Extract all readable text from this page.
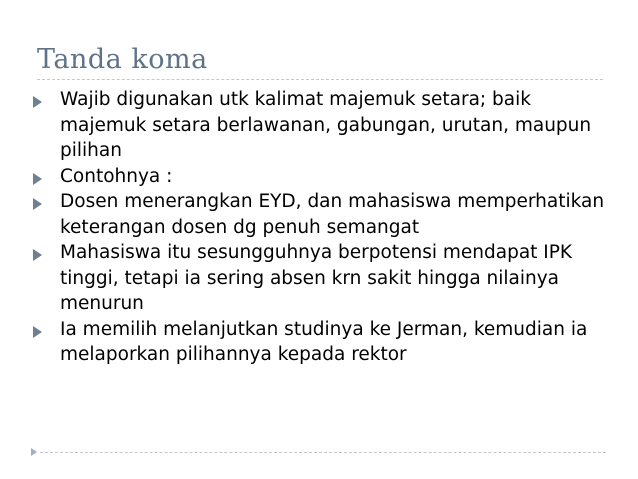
Tanda koma
Wajib digunakan utk kalimat majemuk setara; baik majemuk setara berlawanan, gabungan, urutan, maupun pilihan
Contohnya :
Dosen menerangkan EYD, dan mahasiswa memperhatikan keterangan dosen dg penuh semangat
Mahasiswa itu sesungguhnya berpotensi mendapat IPK tinggi, tetapi ia sering absen krn sakit hingga nilainya menurun
Ia memilih melanjutkan studinya ke Jerman, kemudian ia melaporkan pilihannya kepada rektor
